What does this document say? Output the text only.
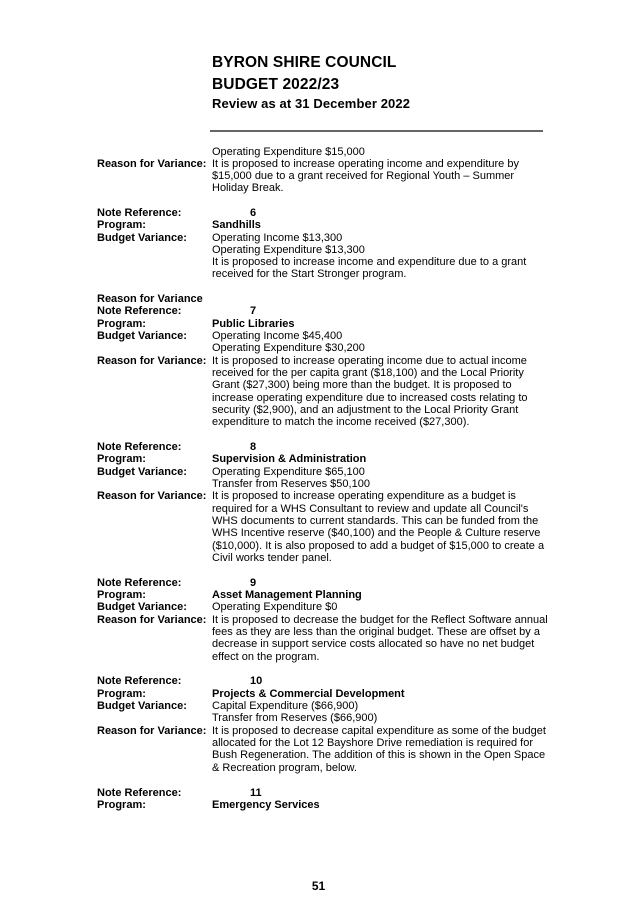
BYRON SHIRE COUNCIL
BUDGET 2022/23
Review as at 31 December 2022
Operating Expenditure $15,000
Reason for Variance: It is proposed to increase operating income and expenditure by
$15,000 due to a grant received for Regional Youth – Summer
Holiday Break.
Note Reference:	6
Program:	Sandhills
Budget Variance: Operating Income $13,300
Operating Expenditure $13,300
It is proposed to increase income and expenditure due to a grant
received for the Start Stronger program.
Reason for Variance
Note Reference:	7
Program:	Public Libraries
Budget Variance: Operating Income $45,400
Operating Expenditure $30,200
Reason for Variance: It is proposed to increase operating income due to actual income
received for the per capita grant ($18,100) and the Local Priority
Grant ($27,300) being more than the budget. It is proposed to
increase operating expenditure due to increased costs relating to
security ($2,900), and an adjustment to the Local Priority Grant
expenditure to match the income received ($27,300).
Note Reference:	8
Program:	Supervision & Administration
Budget Variance: Operating Expenditure $65,100
Transfer from Reserves $50,100
Reason for Variance: It is proposed to increase operating expenditure as a budget is
required for a WHS Consultant to review and update all Council's
WHS documents to current standards. This can be funded from the
WHS Incentive reserve ($40,100) and the People & Culture reserve
($10,000). It is also proposed to add a budget of $15,000 to create a
Civil works tender panel.
Note Reference:	9
Program:	Asset Management Planning
Budget Variance: Operating Expenditure $0
Reason for Variance: It is proposed to decrease the budget for the Reflect Software annual
fees as they are less than the original budget. These are offset by a
decrease in support service costs allocated so have no net budget
effect on the program.
Note Reference:	10
Program:	Projects & Commercial Development
Budget Variance: Capital Expenditure ($66,900)
Transfer from Reserves ($66,900)
Reason for Variance: It is proposed to decrease capital expenditure as some of the budget
allocated for the Lot 12 Bayshore Drive remediation is required for
Bush Regeneration. The addition of this is shown in the Open Space
& Recreation program, below.
Note Reference:	11
Program:	Emergency Services
51
